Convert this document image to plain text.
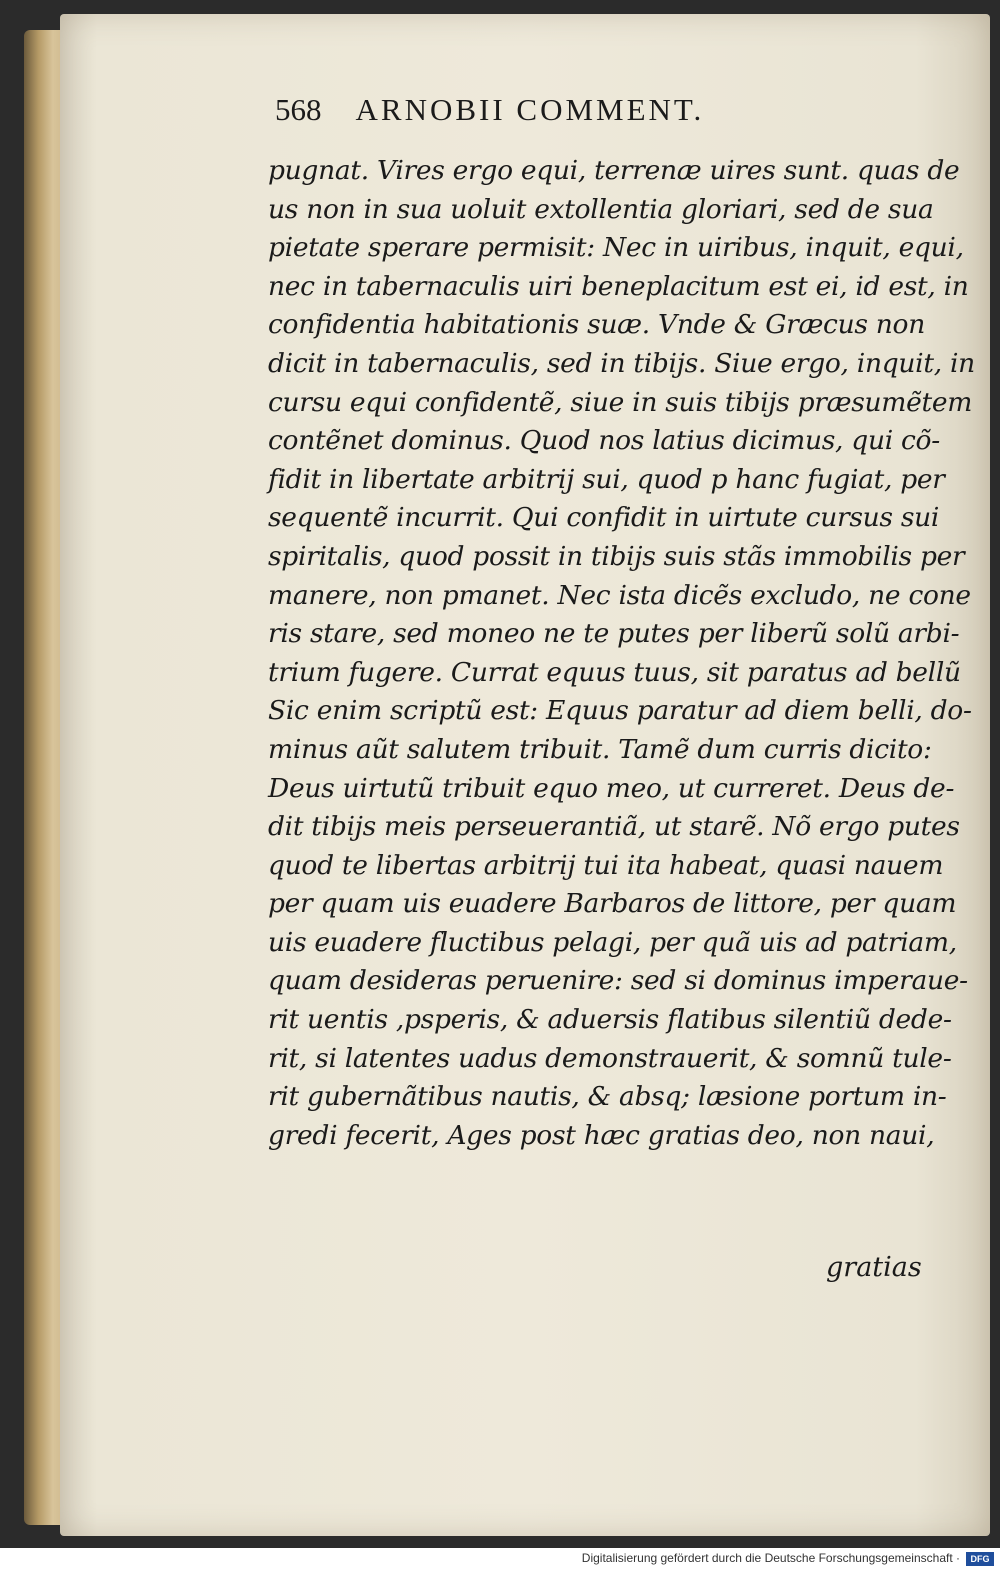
568 ARNOBII COMMENT.
pugnat. Vires ergo equi, terrenæ uires sunt. quas de
us non in sua uoluit extollentia gloriari, sed de sua
pietate sperare permisit: Nec in uiribus, inquit, equi,
nec in tabernaculis uiri beneplacitum est ei, id est, in
confidentia habitationis suæ. Vnde & Græcus non
dicit in tabernaculis, sed in tibijs. Siue ergo, inquit, in
cursu equi confidentẽ, siue in suis tibijs præsumẽtem
contẽnet dominus. Quod nos latius dicimus, qui cõ-
fidit in libertate arbitrij sui, quod p hanc fugiat, per
sequentẽ incurrit. Qui confidit in uirtute cursus sui
spiritalis, quod possit in tibijs suis stãs immobilis per
manere, non pmanet. Nec ista dicẽs excludo, ne cone
ris stare, sed moneo ne te putes per liberũ solũ arbi-
trium fugere. Currat equus tuus, sit paratus ad bellũ
Sic enim scriptũ est: Equus paratur ad diem belli, do-
minus aũt salutem tribuit. Tamẽ dum curris dicito:
Deus uirtutũ tribuit equo meo, ut curreret. Deus de-
dit tibijs meis perseuerantiã, ut starẽ. Nõ ergo putes
quod te libertas arbitrij tui ita habeat, quasi nauem
per quam uis euadere Barbaros de littore, per quam
uis euadere fluctibus pelagi, per quã uis ad patriam,
quam desideras peruenire: sed si dominus imperaue-
rit uentis ,psperis, & aduersis flatibus silentiũ dede-
rit, si latentes uadus demonstrauerit, & somnũ tule-
rit gubernãtibus nautis, & absq; læsione portum in-
gredi fecerit, Ages post hæc gratias deo, non naui,
gratias
Digitalisierung gefördert durch die Deutsche Forschungsgemeinschaft ·	DFG
